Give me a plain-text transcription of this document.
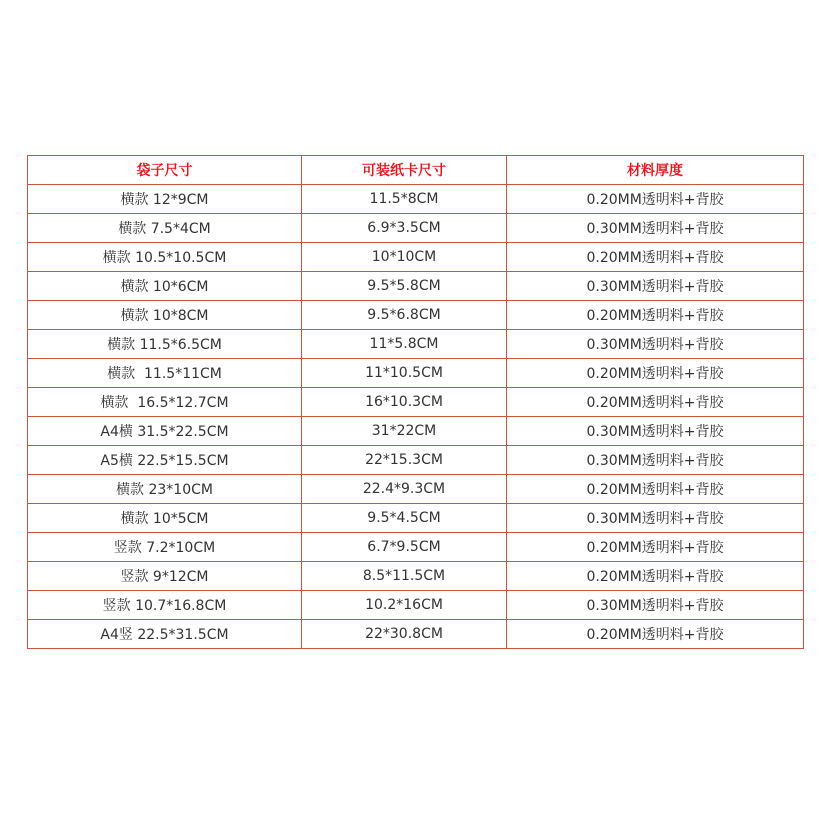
袋子尺寸	可装纸卡尺寸	材料厚度
横款 12*9CM	11.5*8CM	0.20MM透明料+背胶
横款 7.5*4CM	6.9*3.5CM	0.30MM透明料+背胶
横款 10.5*10.5CM	10*10CM	0.20MM透明料+背胶
横款 10*6CM	9.5*5.8CM	0.30MM透明料+背胶
横款 10*8CM	9.5*6.8CM	0.20MM透明料+背胶
横款 11.5*6.5CM	11*5.8CM	0.30MM透明料+背胶
横款  11.5*11CM	11*10.5CM	0.20MM透明料+背胶
横款  16.5*12.7CM	16*10.3CM	0.20MM透明料+背胶
A4横 31.5*22.5CM	31*22CM	0.30MM透明料+背胶
A5横 22.5*15.5CM	22*15.3CM	0.30MM透明料+背胶
横款 23*10CM	22.4*9.3CM	0.20MM透明料+背胶
横款 10*5CM	9.5*4.5CM	0.30MM透明料+背胶
竖款 7.2*10CM	6.7*9.5CM	0.20MM透明料+背胶
竖款 9*12CM	8.5*11.5CM	0.20MM透明料+背胶
竖款 10.7*16.8CM	10.2*16CM	0.30MM透明料+背胶
A4竖 22.5*31.5CM	22*30.8CM	0.20MM透明料+背胶
